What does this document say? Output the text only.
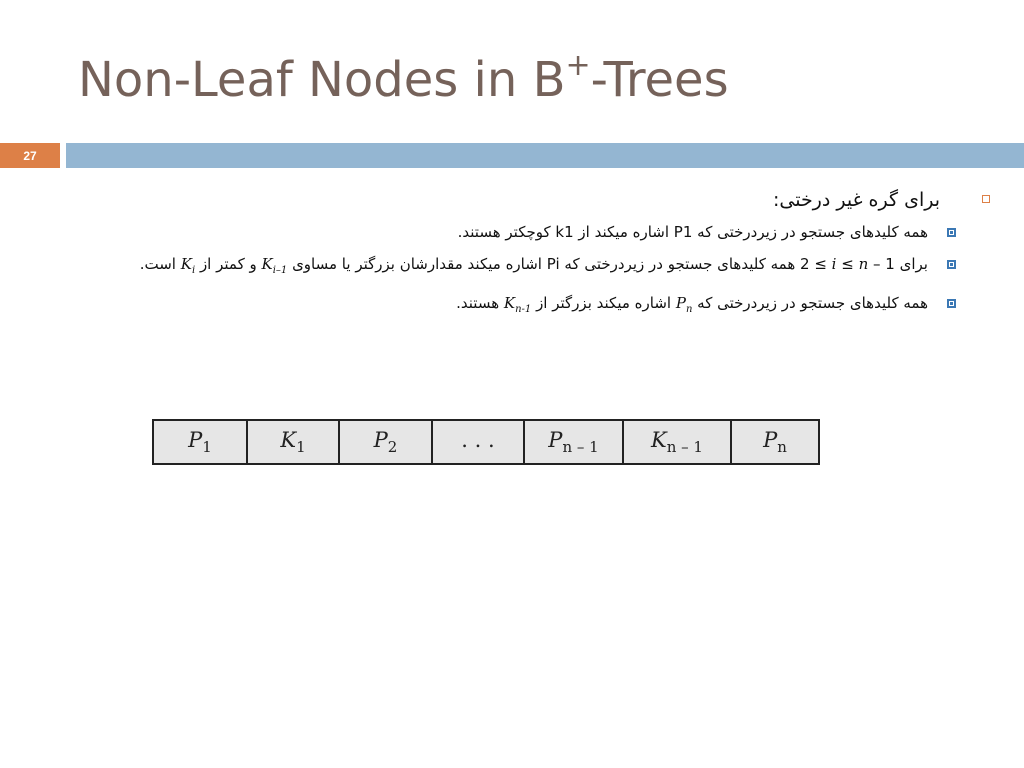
Non-Leaf Nodes in B+-Trees
27
برای گره غیر درختی:
همه کلیدهای جستجو در زیردرختی که P1 اشاره میکند از k1 کوچکتر هستند.
برای 2 ≤ i ≤ n – 1 همه کلیدهای جستجو در زیردرختی که Pi اشاره میکند مقدارشان بزرگتر یا مساوی $K_{i-1}$ و کمتر از $K_i$ است.
همه کلیدهای جستجو در زیردرختی که $P_n$ اشاره میکند بزرگتر از $K_{n-1}$ هستند.
$P_1$	$K_1$	$P_2$	. . .	$P_{n - 1}$	$K_{n - 1}$	$P_n$
